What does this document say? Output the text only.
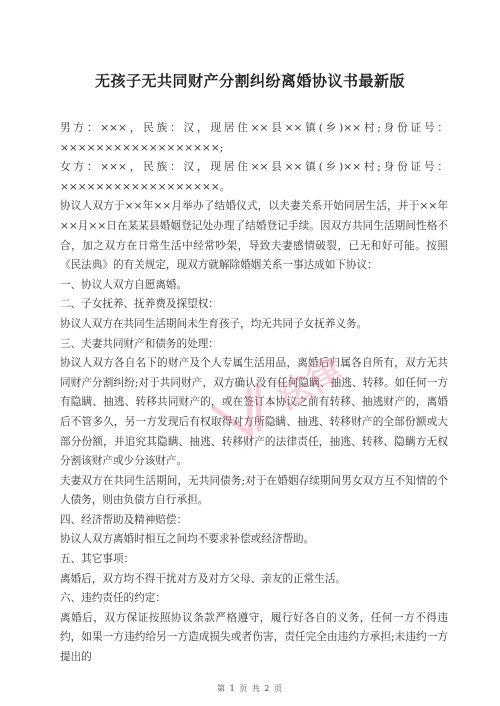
无孩子无共同财产分割纠纷离婚协议书最新版

男方：×××，民族：汉，现居住××县××镇(乡)××村;身份证号：××××××××××××××××××;

女方：×××，民族：汉，现居住××县××镇(乡)××村;身份证号：××××××××××××××××××。

协议人双方于××年××月举办了结婚仪式，以夫妻关系开始同居生活，并于××年××月××日在某某县婚姻登记处办理了结婚登记手续。因双方共同生活期间性格不合，加之双方在日常生活中经常吵架，导致夫妻感情破裂，已无和好可能。按照《民法典》的有关规定，现双方就解除婚姻关系一事达成如下协议：

一、协议人双方自愿离婚。

二、子女抚养、抚养费及探望权：

协议人双方在共同生活期间未生育孩子，均无共同子女抚养义务。

三、夫妻共同财产和债务的处理：

协议人双方各自名下的财产及个人专属生活用品，离婚后归属各自所有，双方无共同财产分割纠纷;对于共同财产，双方确认没有任何隐瞒、抽逃、转移。如任何一方有隐瞒、抽逃、转移共同财产的，或在签订本协议之前有转移、抽逃财产的，离婚后不管多久，另一方发现后有权取得对方所隐瞒、抽逃、转移财产的全部份额或大部分份额，并追究其隐瞒、抽逃、转移财产的法律责任，抽逃、转移、隐瞒方无权分割该财产或少分该财产。

夫妻双方在共同生活期间，无共同债务;对于在婚姻存续期间男女双方互不知情的个人债务，则由负债方自行承担。

四、经济帮助及精神赔偿：

协议人双方离婚时相互之间均不要求补偿或经济帮助。

五、其它事项：

离婚后，双方均不得干扰对方及对方父母、亲友的正常生活。

六、违约责任的约定：

离婚后，双方保证按照协议条款严格遵守，履行好各自的义务，任何一方不得违约，如果一方违约给另一方造成损失或者伤害，责任完全由违约方承担;未违约一方提出的

法律
第 1 页 共 2 页
